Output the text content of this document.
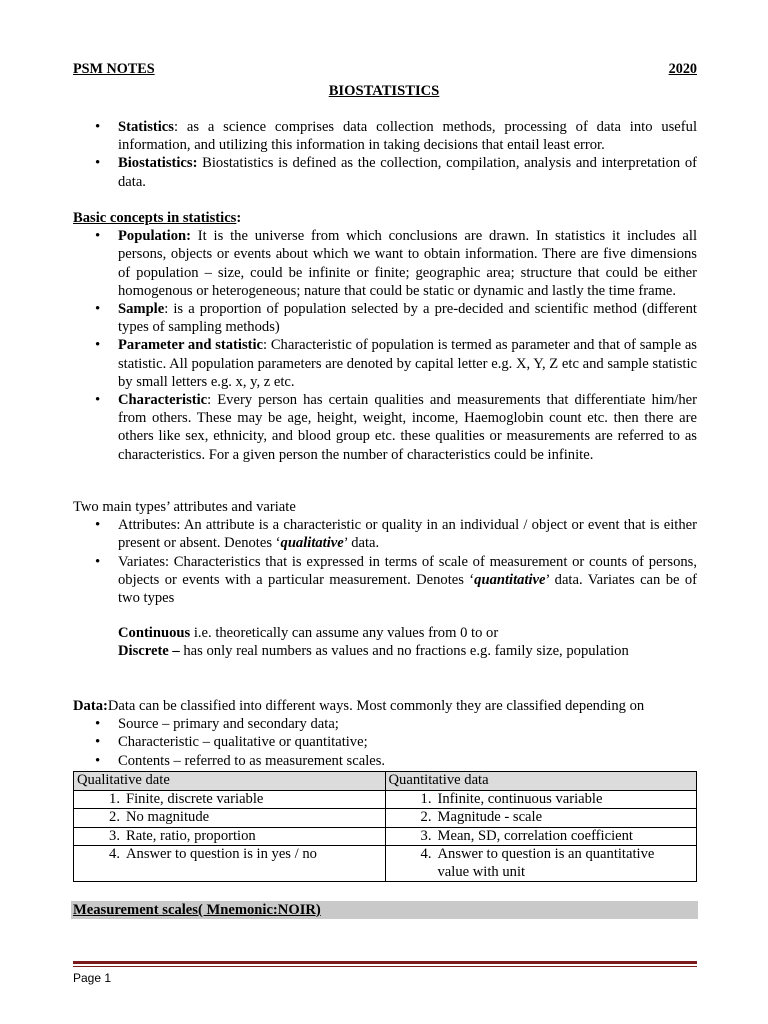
PSM NOTES	2020
BIOSTATISTICS
• Statistics: as a science comprises data collection methods, processing of data into useful information, and utilizing this information in taking decisions that entail least error.
• Biostatistics: Biostatistics is defined as the collection, compilation, analysis and interpretation of data.
Basic concepts in statistics:
• Population: It is the universe from which conclusions are drawn. In statistics it includes all persons, objects or events about which we want to obtain information. There are five dimensions of population – size, could be infinite or finite; geographic area; structure that could be either homogenous or heterogeneous; nature that could be static or dynamic and lastly the time frame.
• Sample: is a proportion of population selected by a pre-decided and scientific method (different types of sampling methods)
• Parameter and statistic: Characteristic of population is termed as parameter and that of sample as statistic. All population parameters are denoted by capital letter e.g. X, Y, Z etc and sample statistic by small letters e.g. x, y, z etc.
• Characteristic: Every person has certain qualities and measurements that differentiate him/her from others. These may be age, height, weight, income, Haemoglobin count etc. then there are others like sex, ethnicity, and blood group etc. these qualities or measurements are referred to as characteristics. For a given person the number of characteristics could be infinite.
Two main types’ attributes and variate
• Attributes: An attribute is a characteristic or quality in an individual / object or event that is either present or absent. Denotes ‘qualitative’ data.
• Variates: Characteristics that is expressed in terms of scale of measurement or counts of persons, objects or events with a particular measurement. Denotes ‘quantitative’ data. Variates can be of two types
Continuous i.e. theoretically can assume any values from 0 to or
Discrete – has only real numbers as values and no fractions e.g. family size, population
Data:Data can be classified into different ways. Most commonly they are classified depending on
• Source – primary and secondary data;
• Characteristic – qualitative or quantitative;
• Contents – referred to as measurement scales.
Qualitative date	Quantitative data
1. Finite, discrete variable	1. Infinite, continuous variable
2. No magnitude	2. Magnitude - scale
3. Rate, ratio, proportion	3. Mean, SD, correlation coefficient
4. Answer to question is in yes / no	4. Answer to question is an quantitative value with unit
Measurement scales( Mnemonic:NOIR)
Page 1
